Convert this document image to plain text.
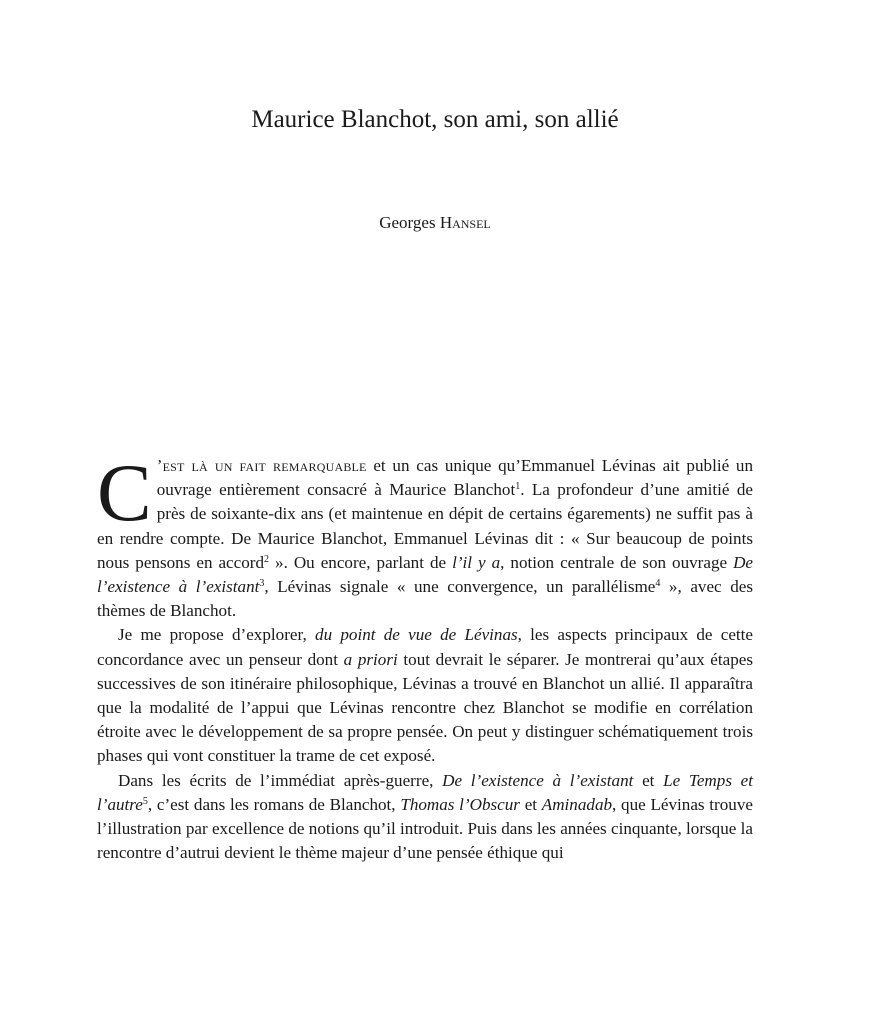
Maurice Blanchot, son ami, son allié
Georges Hansel

C ’est là un fait remarquable et un cas unique qu’Emmanuel Lévinas ait publié un ouvrage entièrement consacré à Maurice Blanchot$^1$. La profondeur d’une amitié de près de soixante-dix ans (et maintenue en dépit de certains égarements) ne suffit pas à en rendre compte. De Maurice Blanchot, Emmanuel Lévinas dit : « Sur beaucoup de points nous pensons en accord$^2$ ». Ou encore, parlant de l’il y a, notion centrale de son ouvrage De l’existence à l’existant$^3$, Lévinas signale « une convergence, un parallélisme$^4$ », avec des thèmes de Blanchot.

Je me propose d’explorer, du point de vue de Lévinas, les aspects principaux de cette concordance avec un penseur dont a priori tout devrait le séparer. Je montrerai qu’aux étapes successives de son itinéraire philosophique, Lévinas a trouvé en Blanchot un allié. Il apparaîtra que la modalité de l’appui que Lévinas rencontre chez Blanchot se modifie en corrélation étroite avec le développement de sa propre pensée. On peut y distinguer schématiquement trois phases qui vont constituer la trame de cet exposé.

Dans les écrits de l’immédiat après-guerre, De l’existence à l’existant et Le Temps et l’autre$^5$, c’est dans les romans de Blanchot, Thomas l’Obscur et Aminadab, que Lévinas trouve l’illustration par excellence de notions qu’il introduit. Puis dans les années cinquante, lorsque la rencontre d’autrui devient le thème majeur d’une pensée éthique qui
